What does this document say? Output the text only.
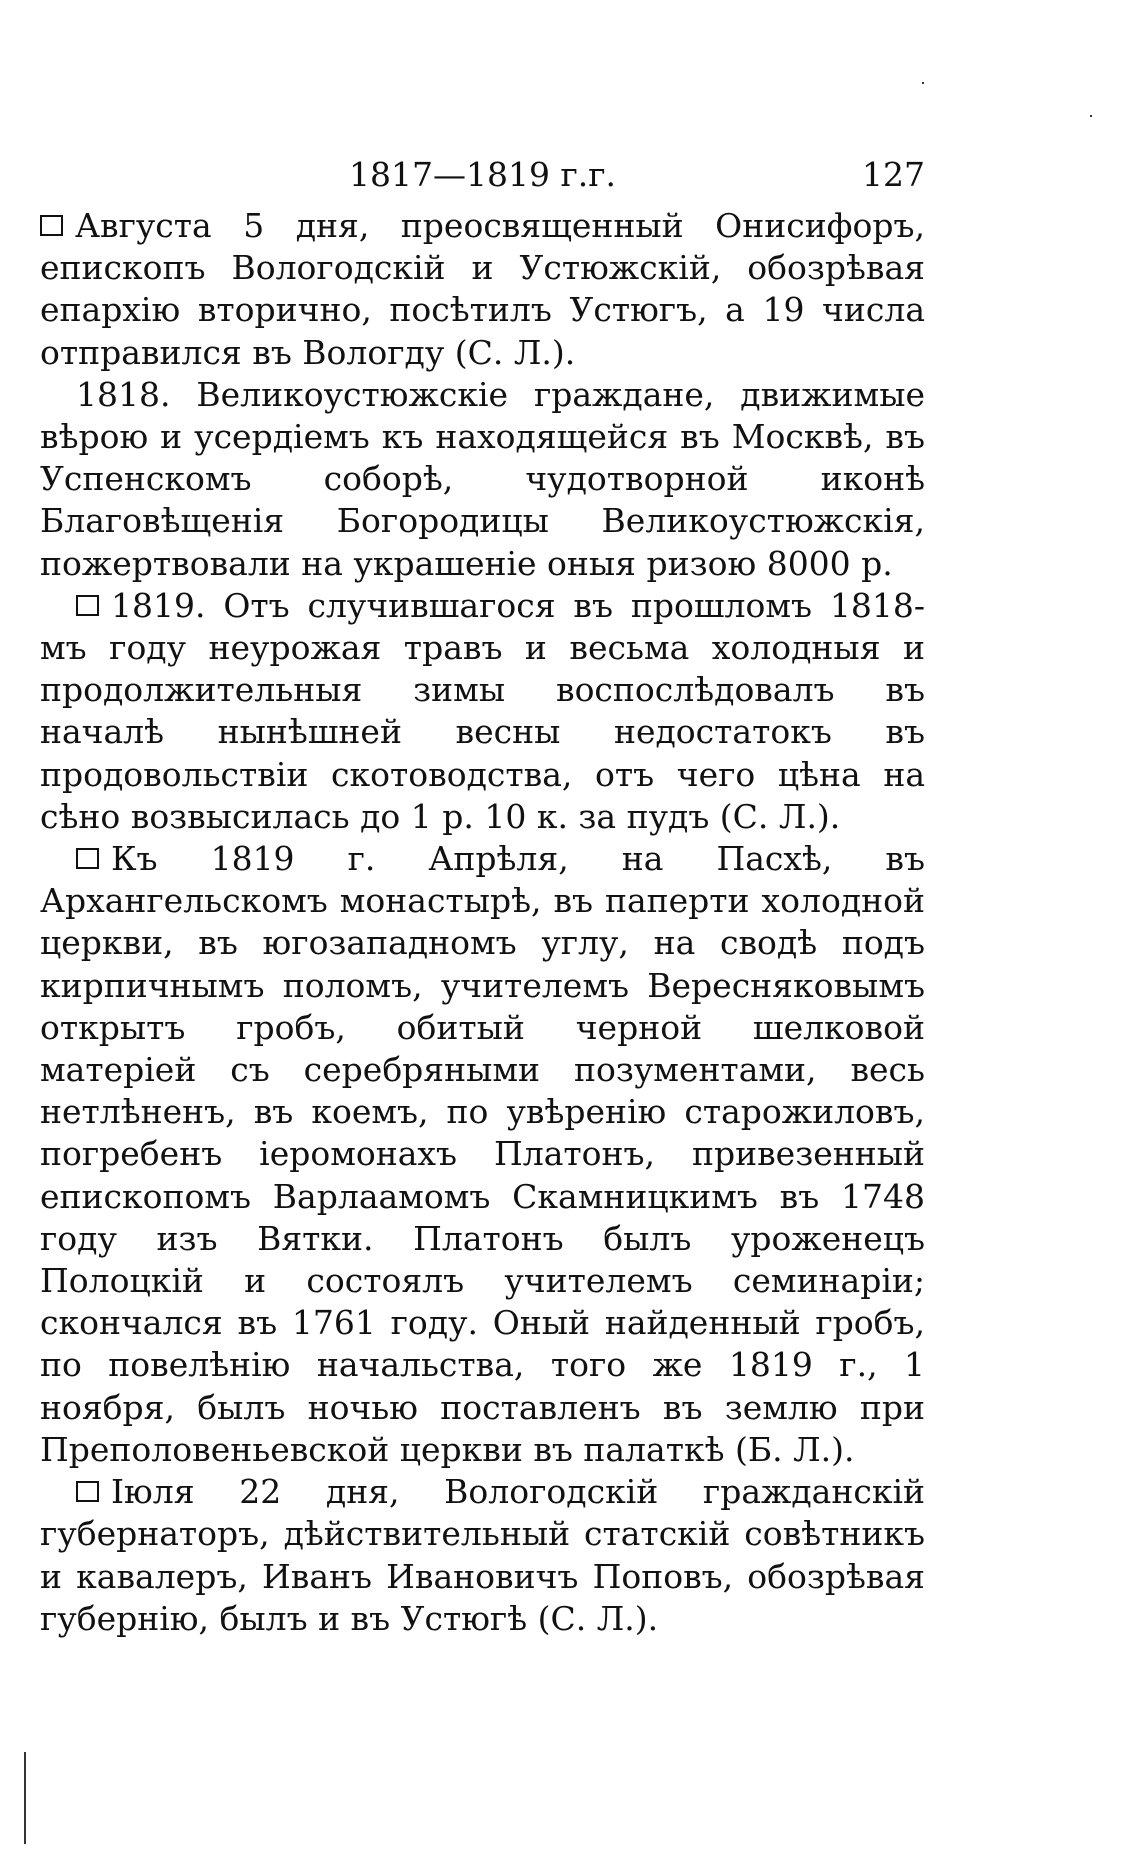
1817—1819 г.г.	127

Августа 5 дня, преосвященный Онисифоръ, епископъ Вологодскій и Устюжскій, обозрѣвая епархію вторично, посѣтилъ Устюгъ, а 19 числа отправился въ Вологду (С. Л.).

1818. Великоустюжскіе граждане, движимые вѣрою и усердіемъ къ находящейся въ Москвѣ, въ Успенскомъ соборѣ, чудотворной иконѣ Благовѣщенія Богородицы Великоустюжскія, пожертвовали на украшеніе оныя ризою 8000 р.

1819. Отъ случившагося въ прошломъ 1818-мъ году неурожая травъ и весьма холодныя и продолжительныя зимы воспослѣдовалъ въ началѣ нынѣшней весны недостатокъ въ продовольствіи скотоводства, отъ чего цѣна на сѣно возвысилась до 1 р. 10 к. за пудъ (С. Л.).

Къ 1819 г. Апрѣля, на Пасхѣ, въ Архангельскомъ монастырѣ, въ паперти холодной церкви, въ югозападномъ углу, на сводѣ подъ кирпичнымъ поломъ, учителемъ Вересняковымъ открытъ гробъ, обитый черной шелковой матеріей съ серебряными позументами, весь нетлѣненъ, въ коемъ, по увѣренію старожиловъ, погребенъ іеромонахъ Платонъ, привезенный епископомъ Варлаамомъ Скамницкимъ въ 1748 году изъ Вятки. Платонъ былъ уроженецъ Полоцкій и состоялъ учителемъ семинаріи; скончался въ 1761 году. Оный найденный гробъ, по повелѣнію начальства, того же 1819 г., 1 ноября, былъ ночью поставленъ въ землю при Преполовеньевской церкви въ палаткѣ (Б. Л.).

Іюля 22 дня, Вологодскій гражданскій губернаторъ, дѣйствительный статскій совѣтникъ и кавалеръ, Иванъ Ивановичъ Поповъ, обозрѣвая губернію, былъ и въ Устюгѣ (С. Л.).
